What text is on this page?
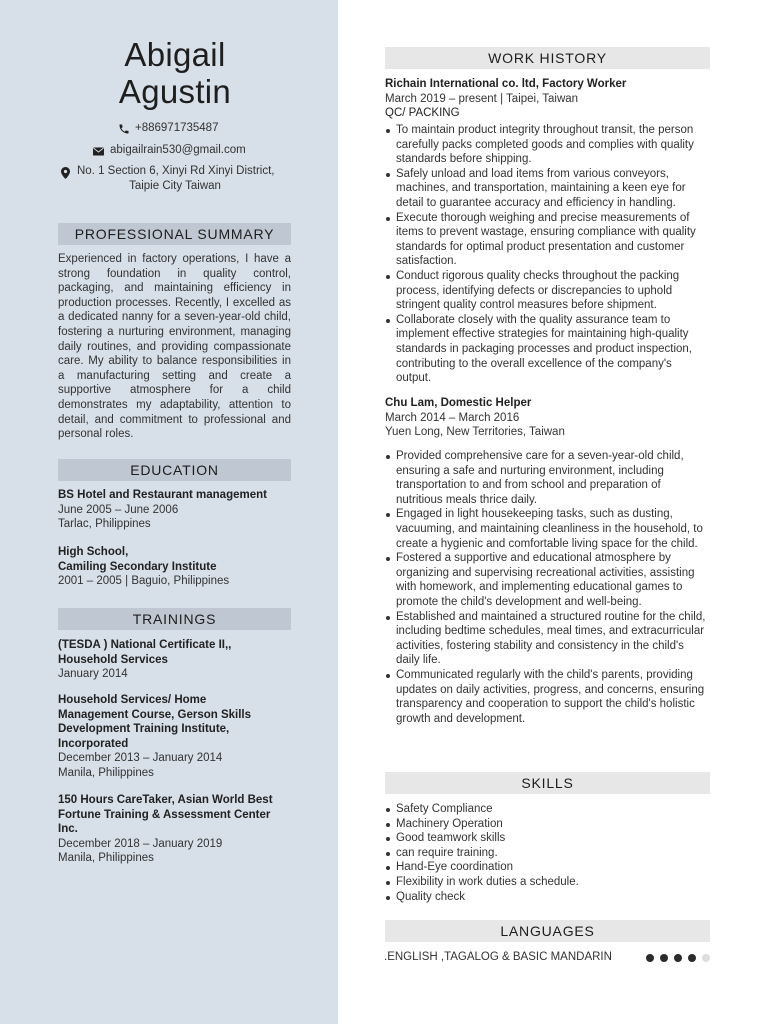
Abigail
Agustin
+886971735487
abigailrain530@gmail.com
No. 1 Section 6, Xinyi Rd Xinyi District,
Taipie City Taiwan
PROFESSIONAL SUMMARY
Experienced in factory operations, I have a strong foundation in quality control, packaging, and maintaining efficiency in production processes. Recently, I excelled as a dedicated nanny for a seven-year-old child, fostering a nurturing environment, managing daily routines, and providing compassionate care. My ability to balance responsibilities in a manufacturing setting and create a supportive atmosphere for a child demonstrates my adaptability, attention to detail, and commitment to professional and personal roles.
EDUCATION
BS Hotel and Restaurant management
June 2005 – June 2006
Tarlac, Philippines
High School,
Camiling Secondary Institute
2001 – 2005 | Baguio, Philippines
TRAININGS
(TESDA ) National Certificate II,,
Household Services
January 2014
Household Services/ Home
Management Course, Gerson Skills
Development Training Institute,
Incorporated
December 2013 – January 2014
Manila, Philippines
150 Hours CareTaker, Asian World Best
Fortune Training & Assessment Center
Inc.
December 2018 – January 2019
Manila, Philippines
WORK HISTORY
Richain International co. ltd, Factory Worker
March 2019 – present | Taipei, Taiwan
QC/ PACKING
To maintain product integrity throughout transit, the person carefully packs completed goods and complies with quality standards before shipping.
Safely unload and load items from various conveyors, machines, and transportation, maintaining a keen eye for detail to guarantee accuracy and efficiency in handling.
Execute thorough weighing and precise measurements of items to prevent wastage, ensuring compliance with quality standards for optimal product presentation and customer satisfaction.
Conduct rigorous quality checks throughout the packing process, identifying defects or discrepancies to uphold stringent quality control measures before shipment.
Collaborate closely with the quality assurance team to implement effective strategies for maintaining high-quality standards in packaging processes and product inspection, contributing to the overall excellence of the company's output.
Chu Lam, Domestic Helper
March 2014 – March 2016
Yuen Long, New Territories, Taiwan
Provided comprehensive care for a seven-year-old child, ensuring a safe and nurturing environment, including transportation to and from school and preparation of nutritious meals thrice daily.
Engaged in light housekeeping tasks, such as dusting, vacuuming, and maintaining cleanliness in the household, to create a hygienic and comfortable living space for the child.
Fostered a supportive and educational atmosphere by organizing and supervising recreational activities, assisting with homework, and implementing educational games to promote the child's development and well-being.
Established and maintained a structured routine for the child, including bedtime schedules, meal times, and extracurricular activities, fostering stability and consistency in the child's daily life.
Communicated regularly with the child's parents, providing updates on daily activities, progress, and concerns, ensuring transparency and cooperation to support the child's holistic growth and development.
SKILLS
Safety Compliance
Machinery Operation
Good teamwork skills
can require training.
Hand-Eye coordination
Flexibility in work duties a schedule.
Quality check
LANGUAGES
.ENGLISH ,TAGALOG & BASIC MANDARIN
